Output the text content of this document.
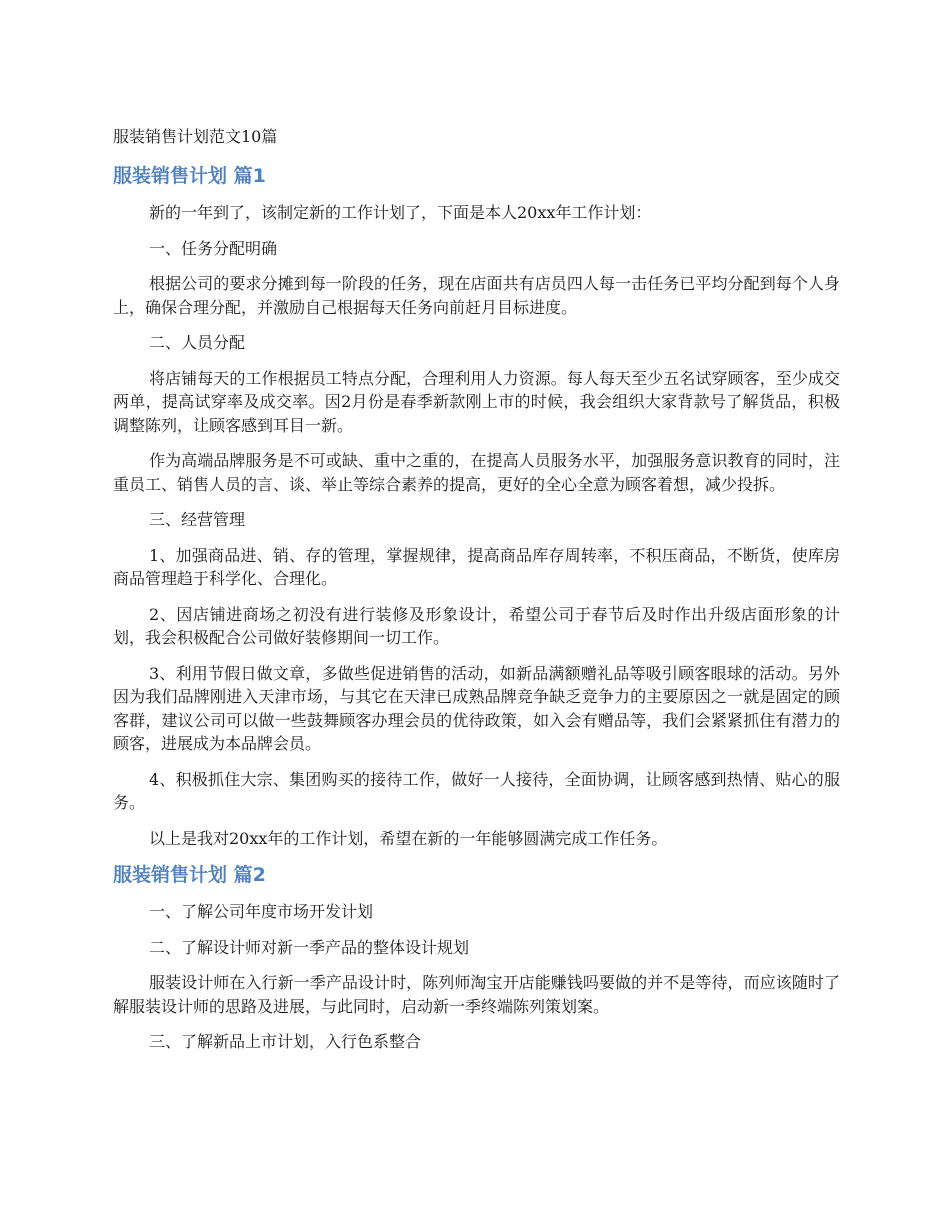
服装销售计划范文10篇
服装销售计划 篇1

新的一年到了，该制定新的工作计划了，下面是本人20xx年工作计划：

一、任务分配明确

根据公司的要求分摊到每一阶段的任务，现在店面共有店员四人每一击任务已平均分配到每个人身上，确保合理分配，并激励自己根据每天任务向前赶月目标进度。

二、人员分配

将店铺每天的工作根据员工特点分配，合理利用人力资源。每人每天至少五名试穿顾客，至少成交两单，提高试穿率及成交率。因2月份是春季新款刚上市的时候，我会组织大家背款号了解货品，积极调整陈列，让顾客感到耳目一新。

作为高端品牌服务是不可或缺、重中之重的，在提高人员服务水平，加强服务意识教育的同时，注重员工、销售人员的言、谈、举止等综合素养的提高，更好的全心全意为顾客着想，减少投拆。

三、经营管理

1、加强商品进、销、存的管理，掌握规律，提高商品库存周转率，不积压商品，不断货，使库房商品管理趋于科学化、合理化。

2、因店铺进商场之初没有进行装修及形象设计，希望公司于春节后及时作出升级店面形象的计划，我会积极配合公司做好装修期间一切工作。

3、利用节假日做文章，多做些促进销售的活动，如新品满额赠礼品等吸引顾客眼球的活动。另外因为我们品牌刚进入天津市场，与其它在天津已成熟品牌竞争缺乏竞争力的主要原因之一就是固定的顾客群，建议公司可以做一些鼓舞顾客办理会员的优待政策，如入会有赠品等，我们会紧紧抓住有潜力的顾客，进展成为本品牌会员。

4、积极抓住大宗、集团购买的接待工作，做好一人接待，全面协调，让顾客感到热情、贴心的服务。

以上是我对20xx年的工作计划，希望在新的一年能够圆满完成工作任务。

服装销售计划 篇2

一、了解公司年度市场开发计划

二、了解设计师对新一季产品的整体设计规划

服装设计师在入行新一季产品设计时，陈列师淘宝开店能赚钱吗要做的并不是等待，而应该随时了解服装设计师的思路及进展，与此同时，启动新一季终端陈列策划案。

三、了解新品上市计划，入行色系整合
